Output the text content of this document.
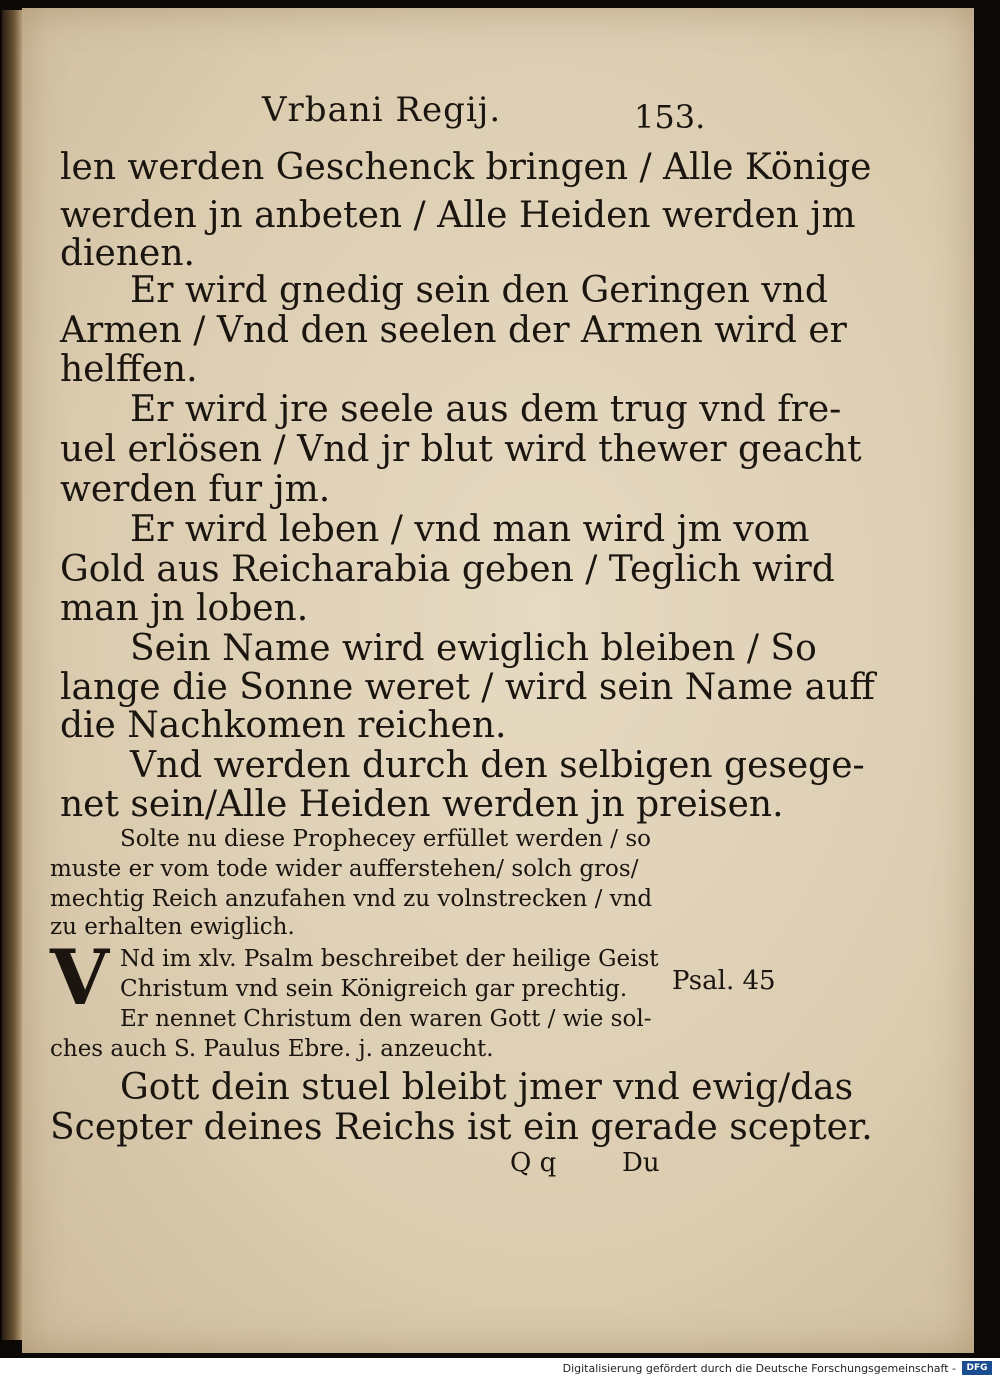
Vrbani Regij.	153.
len werden Geschenck bringen / Alle Könige
werden jn anbeten / Alle Heiden werden jm
dienen.
Er wird gnedig sein den Geringen vnd
Armen / Vnd den seelen der Armen wird er
helffen.
Er wird jre seele aus dem trug vnd fre-
uel erlösen / Vnd jr blut wird thewer geacht
werden fur jm.
Er wird leben / vnd man wird jm vom
Gold aus Reicharabia geben / Teglich wird
man jn loben.
Sein Name wird ewiglich bleiben / So
lange die Sonne weret / wird sein Name auff
die Nachkomen reichen.
Vnd werden durch den selbigen gesege-
net sein/Alle Heiden werden jn preisen.
Solte nu diese Prophecey erfüllet werden / so
muste er vom tode wider aufferstehen/ solch gros/
mechtig Reich anzufahen vnd zu volnstrecken / vnd
zu erhalten ewiglich.
V Nd im xlv. Psalm beschreibet der heilige Geist
Christum vnd sein Königreich gar prechtig.
Er nennet Christum den waren Gott / wie sol-
ches auch S. Paulus Ebre. j. anzeucht.
Psal. 45
Gott dein stuel bleibt jmer vnd ewig/das
Scepter deines Reichs ist ein gerade scepter.
Q q	Du
Digitalisierung gefördert durch die Deutsche Forschungsgemeinschaft -	DFG
